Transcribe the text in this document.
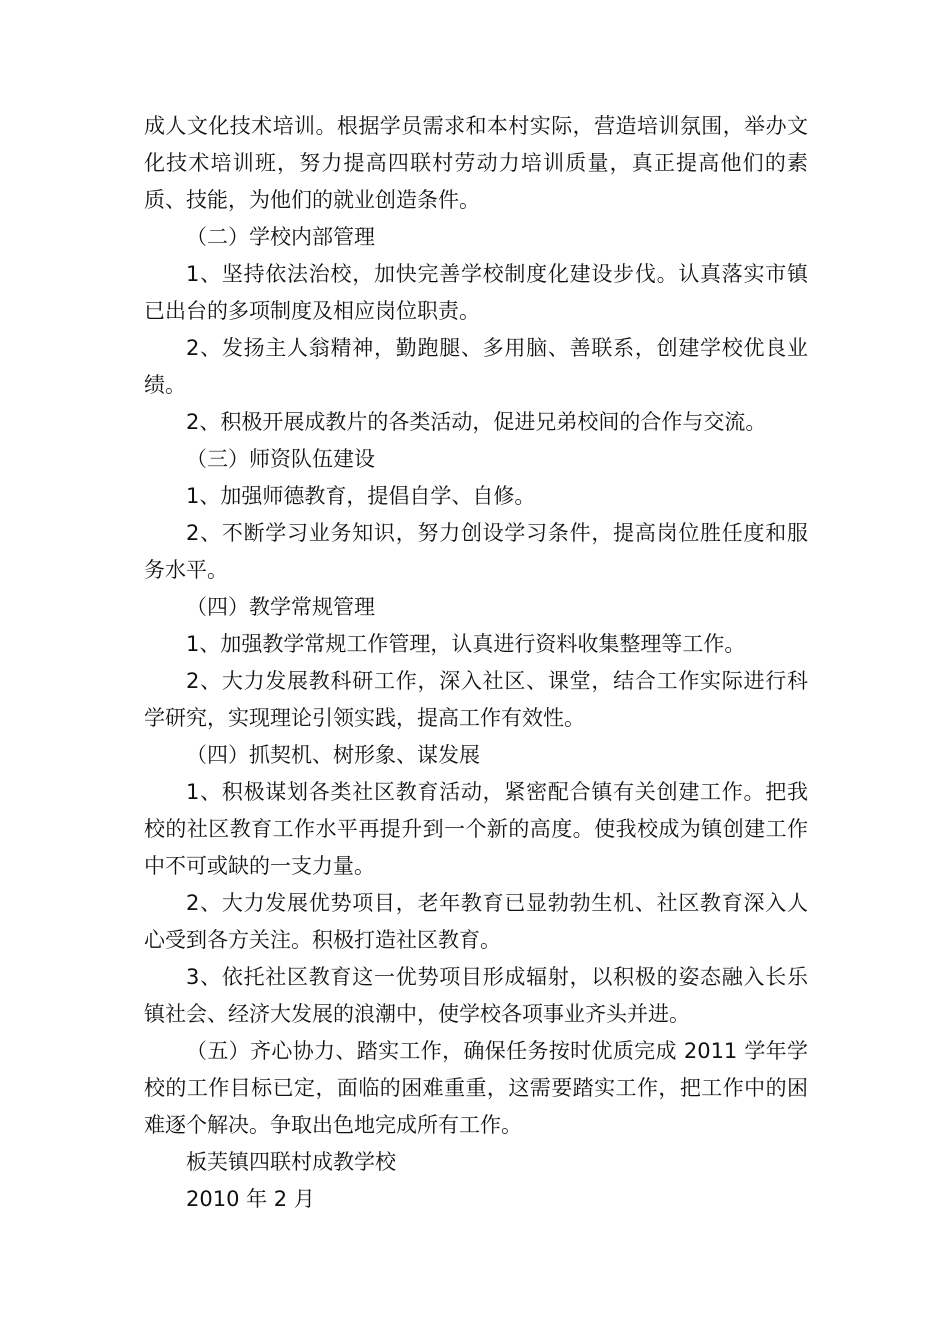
成人文化技术培训。根据学员需求和本村实际，营造培训氛围，举办文化技术培训班，努力提高四联村劳动力培训质量，真正提高他们的素质、技能，为他们的就业创造条件。

（二）学校内部管理

1、坚持依法治校，加快完善学校制度化建设步伐。认真落实市镇已出台的多项制度及相应岗位职责。

2、发扬主人翁精神，勤跑腿、多用脑、善联系，创建学校优良业绩。

2、积极开展成教片的各类活动，促进兄弟校间的合作与交流。

（三）师资队伍建设

1、加强师德教育，提倡自学、自修。

2、不断学习业务知识，努力创设学习条件，提高岗位胜任度和服务水平。

（四）教学常规管理

1、加强教学常规工作管理，认真进行资料收集整理等工作。

2、大力发展教科研工作，深入社区、课堂，结合工作实际进行科学研究，实现理论引领实践，提高工作有效性。

（四）抓契机、树形象、谋发展

1、积极谋划各类社区教育活动，紧密配合镇有关创建工作。把我校的社区教育工作水平再提升到一个新的高度。使我校成为镇创建工作中不可或缺的一支力量。

2、大力发展优势项目，老年教育已显勃勃生机、社区教育深入人心受到各方关注。积极打造社区教育。

3、依托社区教育这一优势项目形成辐射，以积极的姿态融入长乐镇社会、经济大发展的浪潮中，使学校各项事业齐头并进。

（五）齐心协力、踏实工作，确保任务按时优质完成 2011 学年学校的工作目标已定，面临的困难重重，这需要踏实工作，把工作中的困难逐个解决。争取出色地完成所有工作。

板芙镇四联村成教学校

2010 年 2 月
